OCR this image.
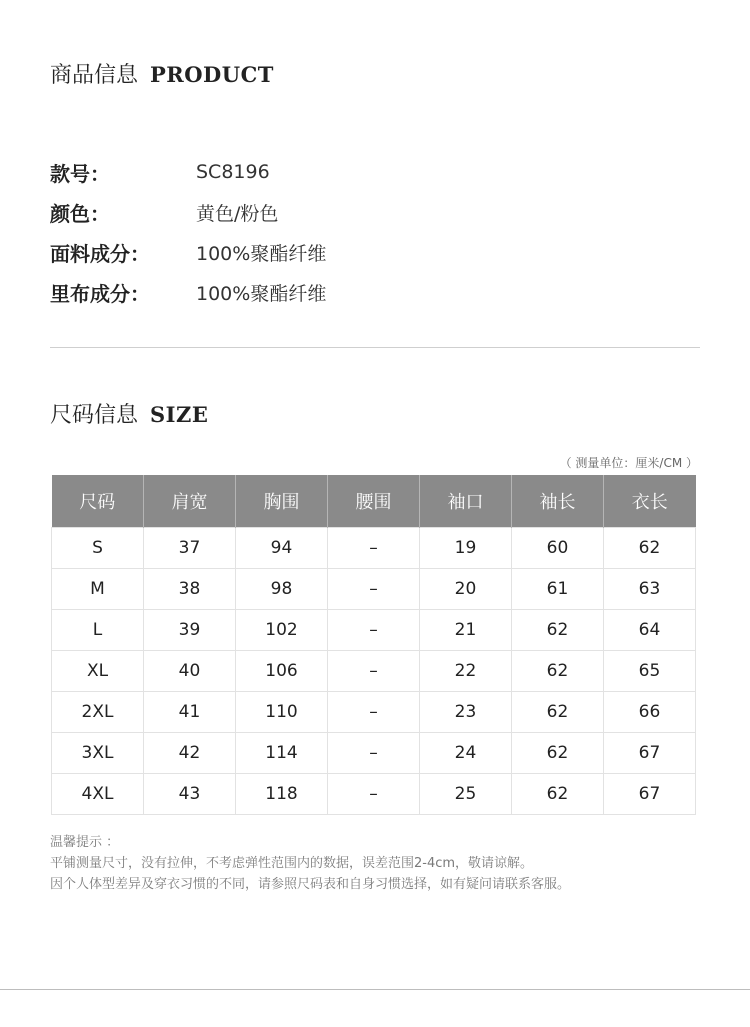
商品信息 PRODUCT
款号：	SC8196
颜色：	黄色/粉色
面料成分：	100%聚酯纤维
里布成分：	100%聚酯纤维
尺码信息 SIZE
（ 测量单位：厘米/CM ）
尺码	肩宽	胸围	腰围	袖口	袖长	衣长
S	37	94	–	19	60	62
M	38	98	–	20	61	63
L	39	102	–	21	62	64
XL	40	106	–	22	62	65
2XL	41	110	–	23	62	66
3XL	42	114	–	24	62	67
4XL	43	118	–	25	62	67
温馨提示 ：
平铺测量尺寸，没有拉伸，不考虑弹性范围内的数据，误差范围2-4cm，敬请谅解。
因个人体型差异及穿衣习惯的不同，请参照尺码表和自身习惯选择，如有疑问请联系客服。
